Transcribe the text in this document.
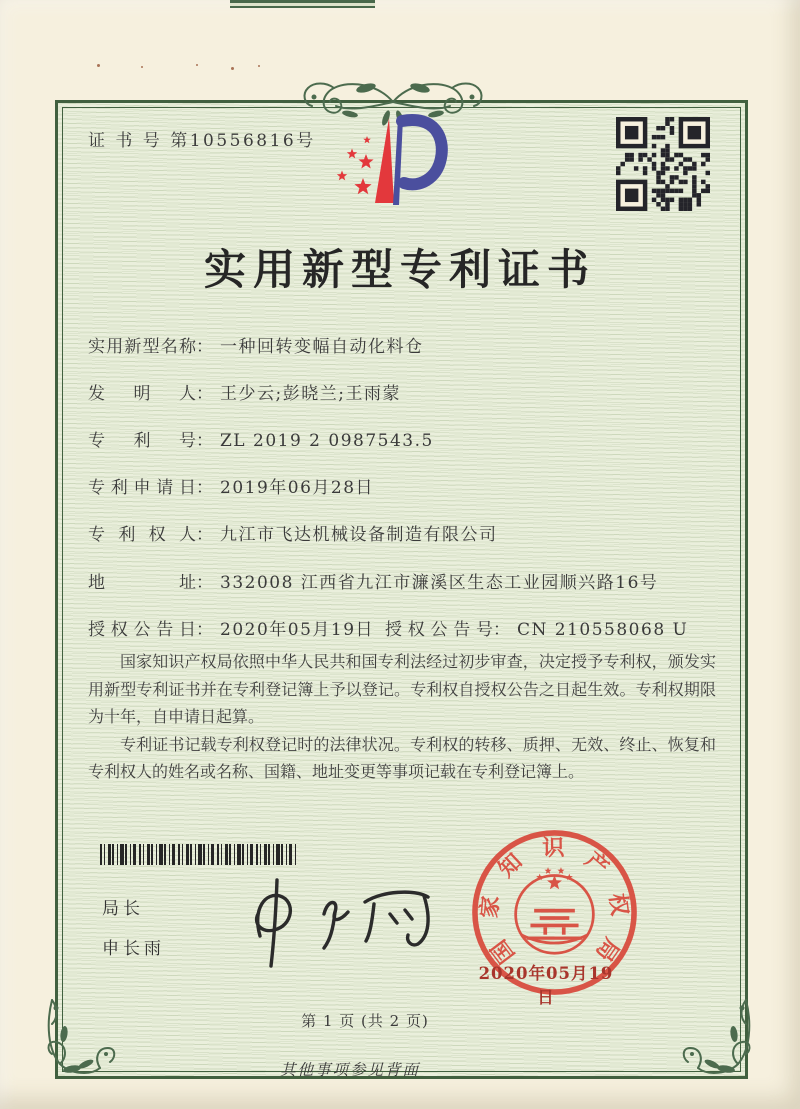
证 书 号 第10556816号
实用新型专利证书
实用新型名称： 一种回转变幅自动化料仓
发明人： 王少云;彭晓兰;王雨蒙
专利号： ZL 2019 2 0987543.5
专利申请日： 2019年06月28日
专利权人： 九江市飞达机械设备制造有限公司
地址： 332008 江西省九江市濂溪区生态工业园顺兴路16号
授权公告日： 2020年05月19日 授权公告号： CN 210558068 U

国家知识产权局依照中华人民共和国专利法经过初步审查，决定授予专利权，颁发实用新型专利证书并在专利登记簿上予以登记。专利权自授权公告之日起生效。专利权期限为十年，自申请日起算。

专利证书记载专利权登记时的法律状况。专利权的转移、质押、无效、终止、恢复和专利权人的姓名或名称、国籍、地址变更等事项记载在专利登记簿上。

局长
申长雨	国家知识产权局
2020年05月19日
第 1 页 (共 2 页)
其他事项参见背面
